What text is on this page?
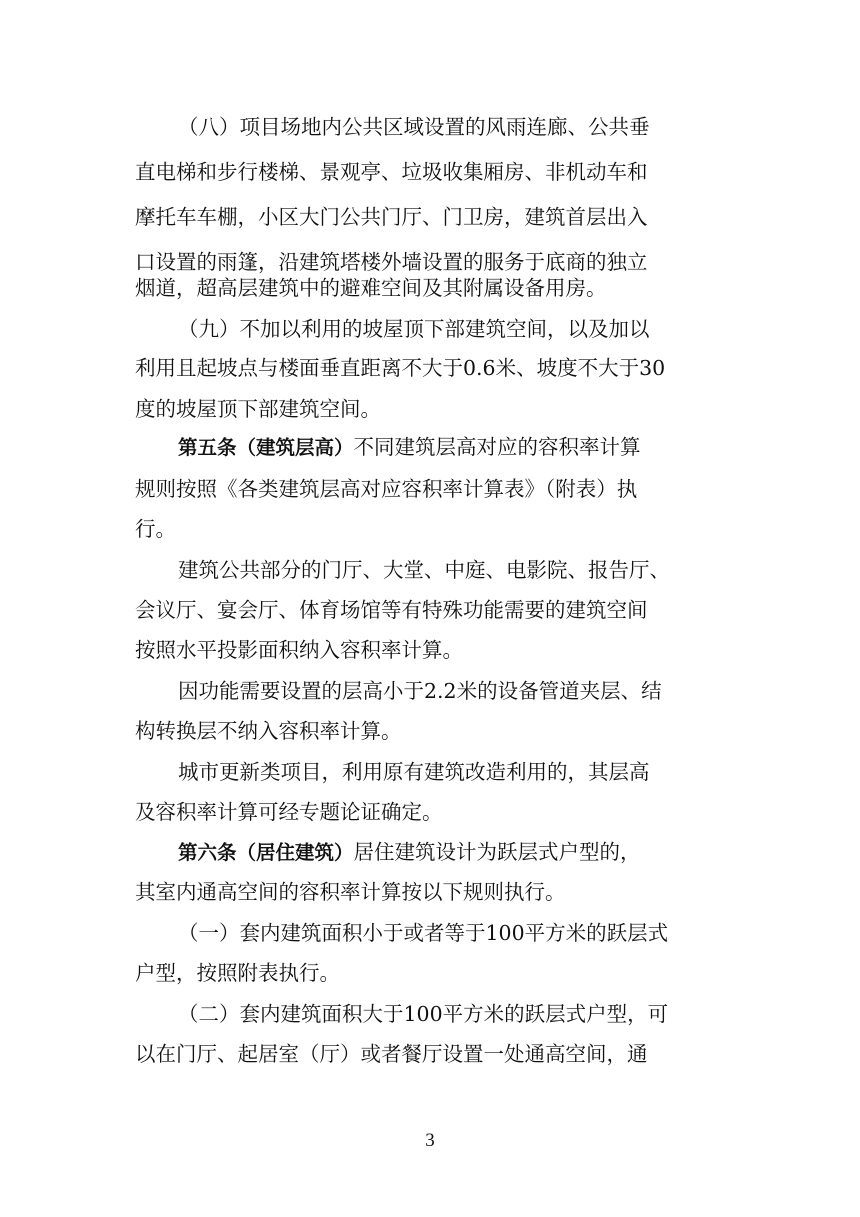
（八）项目场地内公共区域设置的风雨连廊、公共垂
直电梯和步行楼梯、景观亭、垃圾收集厢房、非机动车和
摩托车车棚，小区大门公共门厅、门卫房，建筑首层出入
口设置的雨篷，沿建筑塔楼外墙设置的服务于底商的独立
烟道，超高层建筑中的避难空间及其附属设备用房。
（九）不加以利用的坡屋顶下部建筑空间，以及加以
利用且起坡点与楼面垂直距离不大于0.6米、坡度不大于30
度的坡屋顶下部建筑空间。
第五条（建筑层高）不同建筑层高对应的容积率计算
规则按照《各类建筑层高对应容积率计算表》（附表）执
行。
建筑公共部分的门厅、大堂、中庭、电影院、报告厅、
会议厅、宴会厅、体育场馆等有特殊功能需要的建筑空间
按照水平投影面积纳入容积率计算。
因功能需要设置的层高小于2.2米的设备管道夹层、结
构转换层不纳入容积率计算。
城市更新类项目，利用原有建筑改造利用的，其层高
及容积率计算可经专题论证确定。
第六条（居住建筑）居住建筑设计为跃层式户型的，
其室内通高空间的容积率计算按以下规则执行。
（一）套内建筑面积小于或者等于100平方米的跃层式
户型，按照附表执行。
（二）套内建筑面积大于100平方米的跃层式户型，可
以在门厅、起居室（厅）或者餐厅设置一处通高空间，通
3
